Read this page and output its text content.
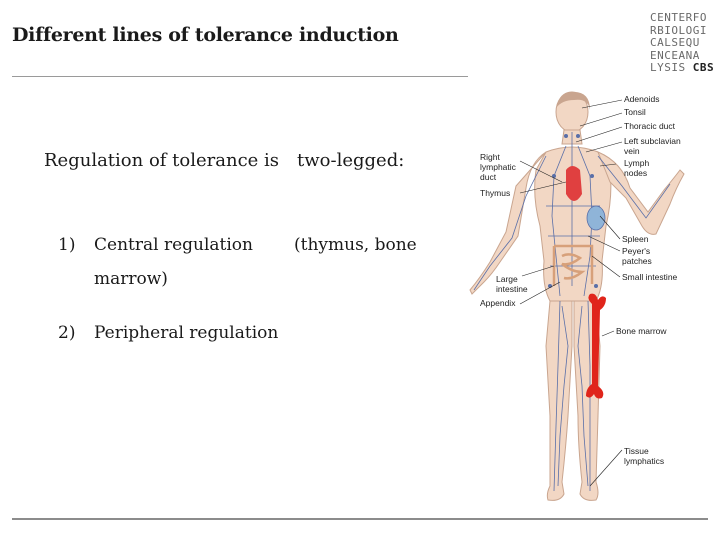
Different lines of tolerance induction
CENTERFO
RBIOLOGI
CALSEQU
ENCEANA
LYSIS CBS
Regulation of tolerance is two-legged:
1) Central regulation (thymus, bone
marrow)
2) Peripheral regulation
Adenoids
Tonsil
Thoracic duct
Left subclavian
vein
Lymph
nodes
Spleen
Peyer's
patches
Small intestine
Bone marrow
Tissue
lymphatics
Right
lymphatic
duct
Thymus
Large
intestine
Appendix
